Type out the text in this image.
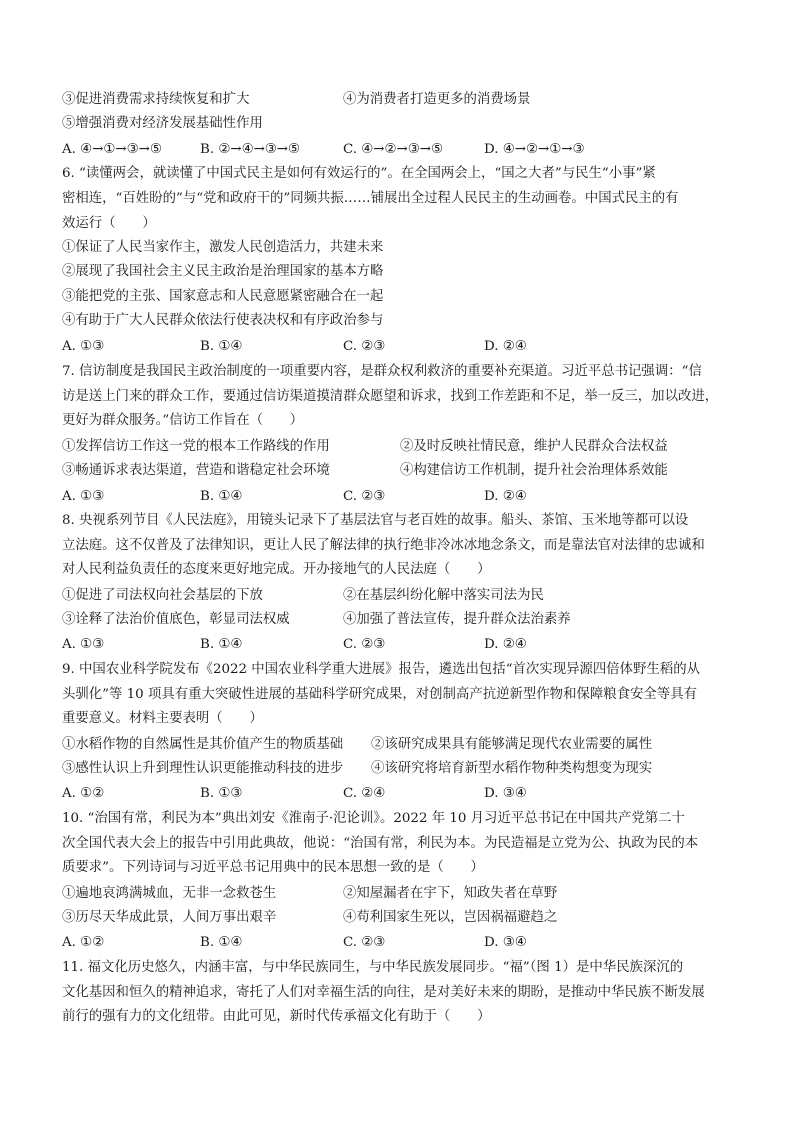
③促进消费需求持续恢复和扩大	④为消费者打造更多的消费场景
⑤增强消费对经济发展基础性作用
A. ④→①→③→⑤	B. ②→④→③→⑤	C. ④→②→③→⑤	D. ④→②→①→③
6. “读懂两会，就读懂了中国式民主是如何有效运行的”。在全国两会上，“国之大者”与民生“小事”紧
密相连，“百姓盼的”与“党和政府干的”同频共振……铺展出全过程人民民主的生动画卷。中国式民主的有
效运行（　　）
①保证了人民当家作主，激发人民创造活力，共建未来
②展现了我国社会主义民主政治是治理国家的基本方略
③能把党的主张、国家意志和人民意愿紧密融合在一起
④有助于广大人民群众依法行使表决权和有序政治参与
A. ①③	B. ①④	C. ②③	D. ②④
7. 信访制度是我国民主政治制度的一项重要内容，是群众权利救济的重要补充渠道。习近平总书记强调：“信
访是送上门来的群众工作，要通过信访渠道摸清群众愿望和诉求，找到工作差距和不足，举一反三，加以改进，
更好为群众服务。”信访工作旨在（　　）
①发挥信访工作这一党的根本工作路线的作用	②及时反映社情民意，维护人民群众合法权益
③畅通诉求表达渠道，营造和谐稳定社会环境	④构建信访工作机制，提升社会治理体系效能
A. ①③	B. ①④	C. ②③	D. ②④
8. 央视系列节目《人民法庭》，用镜头记录下了基层法官与老百姓的故事。船头、茶馆、玉米地等都可以设
立法庭。这不仅普及了法律知识，更让人民了解法律的执行绝非冷冰冰地念条文，而是靠法官对法律的忠诚和
对人民利益负责任的态度来更好地完成。开办接地气的人民法庭（　　）
①促进了司法权向社会基层的下放	②在基层纠纷化解中落实司法为民
③诠释了法治价值底色，彰显司法权威	④加强了普法宣传，提升群众法治素养
A. ①③	B. ①④	C. ②③	D. ②④
9. 中国农业科学院发布《2022 中国农业科学重大进展》报告，遴选出包括“首次实现异源四倍体野生稻的从
头驯化”等 10 项具有重大突破性进展的基础科学研究成果，对创制高产抗逆新型作物和保障粮食安全等具有
重要意义。材料主要表明（　　）
①水稻作物的自然属性是其价值产生的物质基础 ②该研究成果具有能够满足现代农业需要的属性
③感性认识上升到理性认识更能推动科技的进步 ④该研究将培育新型水稻作物种类构想变为现实
A. ①②	B. ①③	C. ②④	D. ③④
10. “治国有常，利民为本”典出刘安《淮南子·氾论训》。2022 年 10 月习近平总书记在中国共产党第二十
次全国代表大会上的报告中引用此典故，他说：“治国有常，利民为本。为民造福是立党为公、执政为民的本
质要求”。下列诗词与习近平总书记用典中的民本思想一致的是（　　）
①遍地哀鸿满城血，无非一念救苍生	②知屋漏者在宇下，知政失者在草野
③历尽天华成此景，人间万事出艰辛	④苟利国家生死以，岂因祸福避趋之
A. ①②	B. ①④	C. ②③	D. ③④
11. 福文化历史悠久，内涵丰富，与中华民族同生，与中华民族发展同步。“福”（图 1）是中华民族深沉的
文化基因和恒久的精神追求，寄托了人们对幸福生活的向往，是对美好未来的期盼，是推动中华民族不断发展
前行的强有力的文化纽带。由此可见，新时代传承福文化有助于（　　）
